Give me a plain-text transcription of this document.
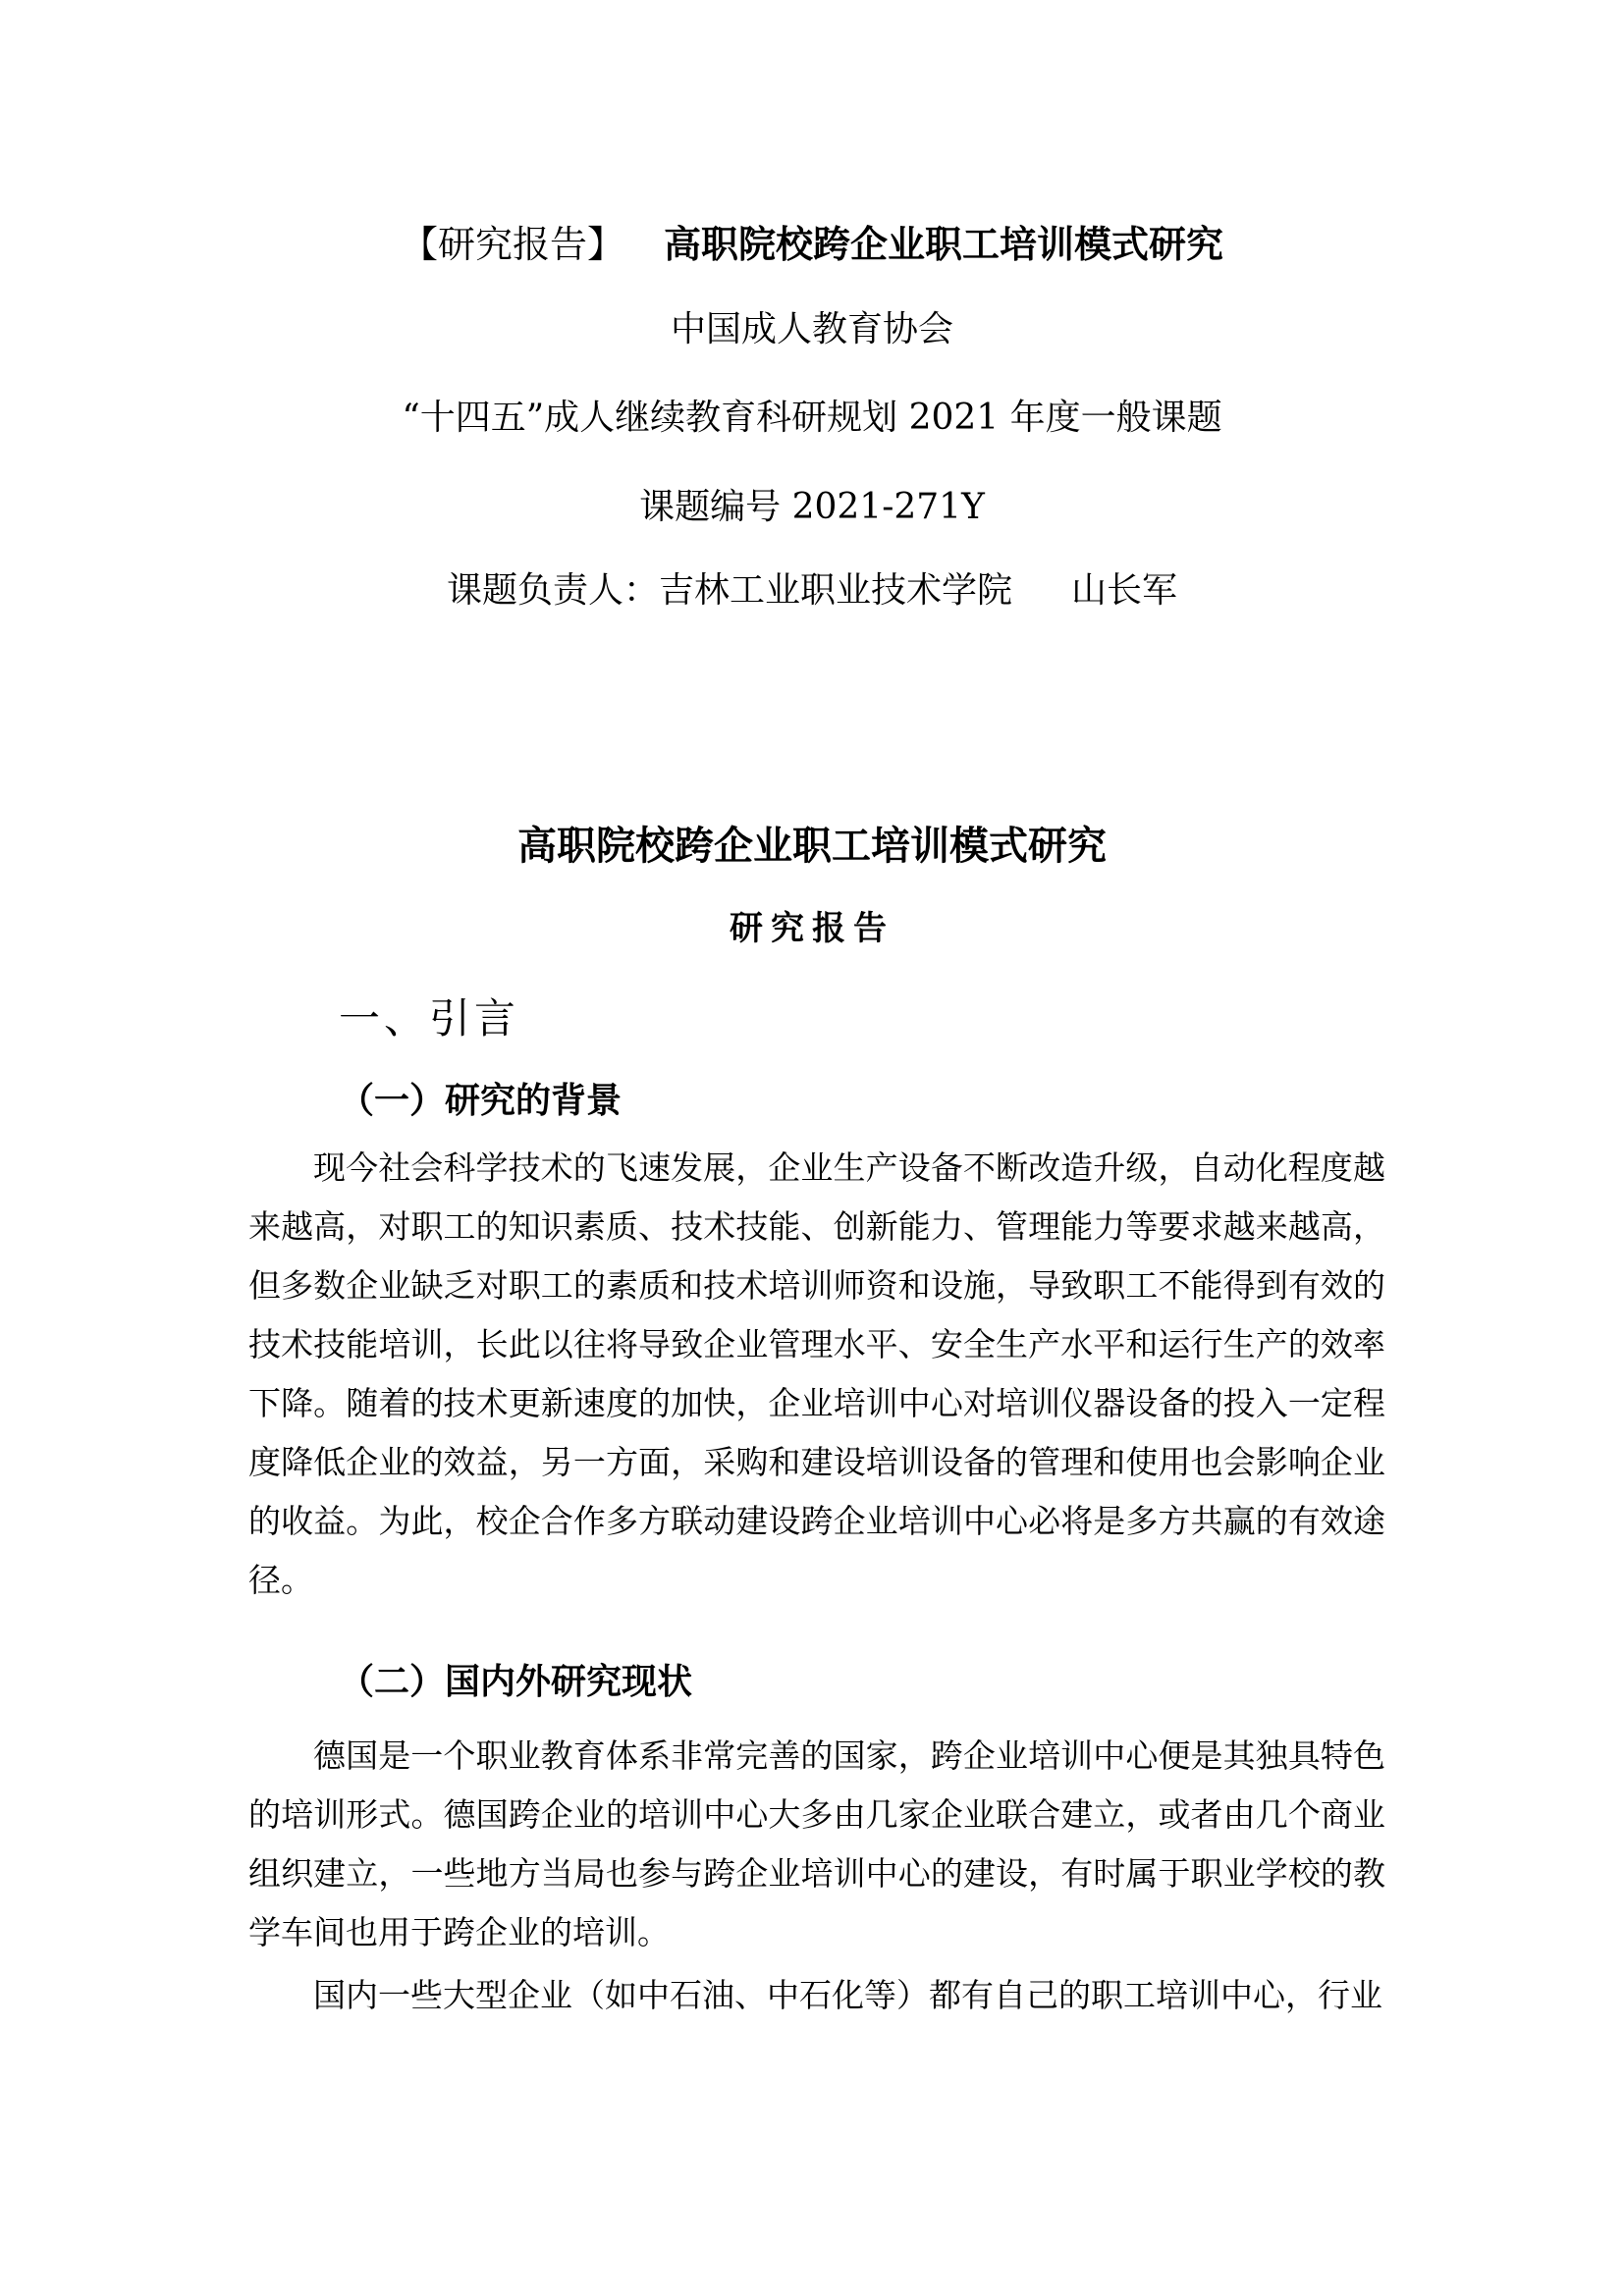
【研究报告】 高职院校跨企业职工培训模式研究
中国成人教育协会
“十四五”成人继续教育科研规划 2021 年度一般课题
课题编号 2021-271Y
课题负责人：吉林工业职业技术学院 山长军
高职院校跨企业职工培训模式研究
研究报告
一、引言
（一）研究的背景
现今社会科学技术的飞速发展，企业生产设备不断改造升级，自动化程度越来越高，对职工的知识素质、技术技能、创新能力、管理能力等要求越来越高，但多数企业缺乏对职工的素质和技术培训师资和设施，导致职工不能得到有效的技术技能培训，长此以往将导致企业管理水平、安全生产水平和运行生产的效率下降。随着的技术更新速度的加快，企业培训中心对培训仪器设备的投入一定程度降低企业的效益，另一方面，采购和建设培训设备的管理和使用也会影响企业的收益。为此，校企合作多方联动建设跨企业培训中心必将是多方共赢的有效途径。
（二）国内外研究现状
德国是一个职业教育体系非常完善的国家，跨企业培训中心便是其独具特色的培训形式。德国跨企业的培训中心大多由几家企业联合建立，或者由几个商业组织建立，一些地方当局也参与跨企业培训中心的建设，有时属于职业学校的教学车间也用于跨企业的培训。
国内一些大型企业（如中石油、中石化等）都有自己的职工培训中心，行业
